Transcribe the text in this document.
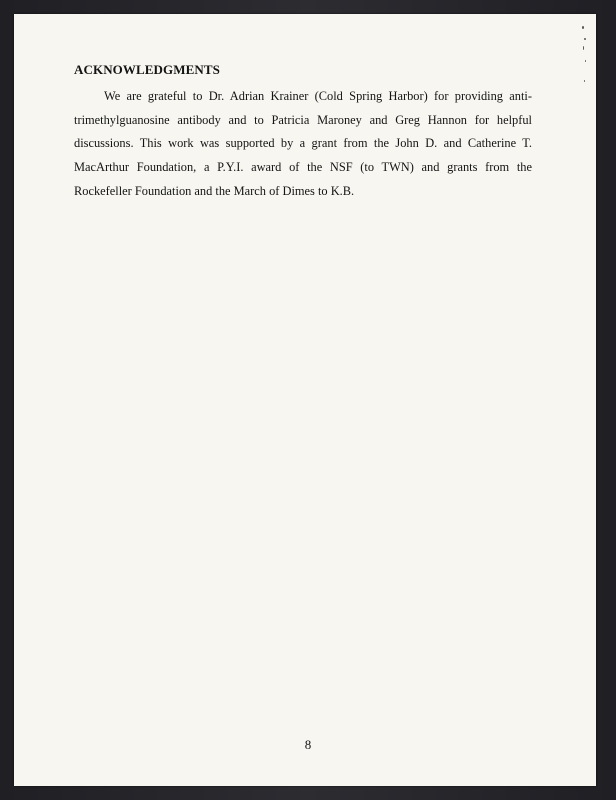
ACKNOWLEDGMENTS

We are grateful to Dr. Adrian Krainer (Cold Spring Harbor) for providing anti-trimethylguanosine antibody and to Patricia Maroney and Greg Hannon for helpful discussions. This work was supported by a grant from the John D. and Catherine T. MacArthur Foundation, a P.Y.I. award of the NSF (to TWN) and grants from the Rockefeller Foundation and the March of Dimes to K.B.

8
